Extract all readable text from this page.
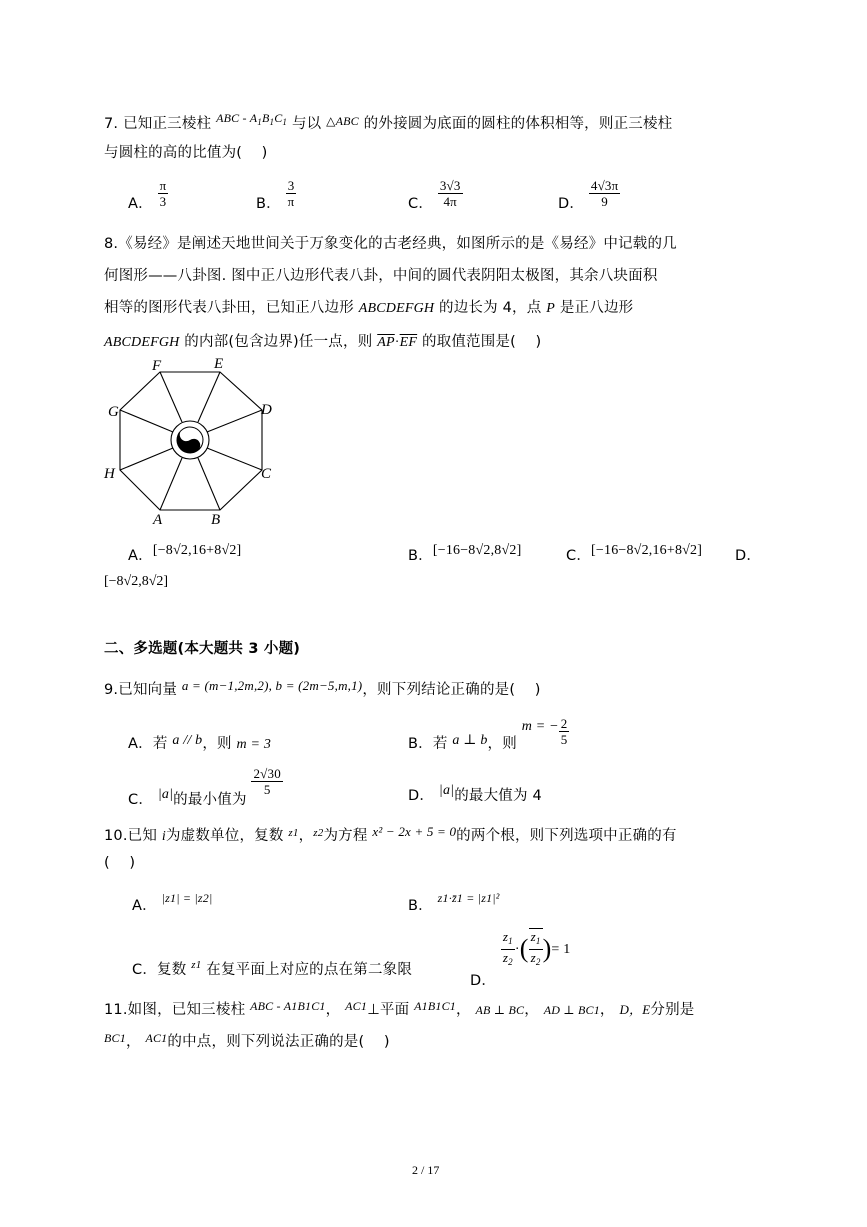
7. 已知正三棱柱 $^{ABC - A_1B_1C_1}$ 与以 $^{\triangle ABC}$ 的外接圆为底面的圆柱的体积相等，则正三棱柱
与圆柱的高的比值为(　 )
A． $\frac{\pi}{3}$	B． $\frac{3}{\pi}$	C． $\frac{3√3}{4\pi}$	D． $\frac{4√3\pi}{9}$
8.《易经》是阐述天地世间关于万象变化的古老经典，如图所示的是《易经》中记载的几
何图形——八卦图. 图中正八边形代表八卦，中间的圆代表阴阳太极图，其余八块面积
相等的图形代表八卦田，已知正八边形 ABCDEFGH 的边长为 4，点 P 是正八边形
ABCDEFGH 的内部(包含边界)任一点，则 $\overline{AP}\cdot\overline{EF}$ 的取值范围是(　 )
F	E
D
G
H	C
A	B
A．[−8√2,16+8√2]	B．[−16−8√2,8√2]	C．[−16−8√2,16+8√2] D．
[−8√2,8√2]
二、多选题(本大题共 3 小题)
9.已知向量 a = (m−1,2m,2), b = (2m−5,m,1)，则下列结论正确的是(　 )
A．若 a // b，则 m = 3	B．若 a ⊥ b，则 m = − $\frac{2}{5}$
C． |a|的最小值为
$\frac{2√30}{5}$	D． |a|的最大值为 4
10.已知 i为虚数单位，复数 $^{z1}$，$^{z2}$为方程 x² − 2x + 5 = 0的两个根，则下列选项中正确的有
(　 )
A． |z1| = |z2|	B． z1·z̄1 = |z1|²
C．复数 $^{z1}$ 在复平面上对应的点在第二象限
D．
$\frac{z_1}{z_2}$ ·( $\frac{z_1}{z_2}$ )= 1
11.如图，已知三棱柱 $^{ABC - A1B1C1}$， $^{AC1}$⊥平面 $^{A1B1C1}$， AB ⊥ BC， AD ⊥ BC1， D，E分别是
$^{BC1}$， $^{AC1}$的中点，则下列说法正确的是(　 )
2 / 17
